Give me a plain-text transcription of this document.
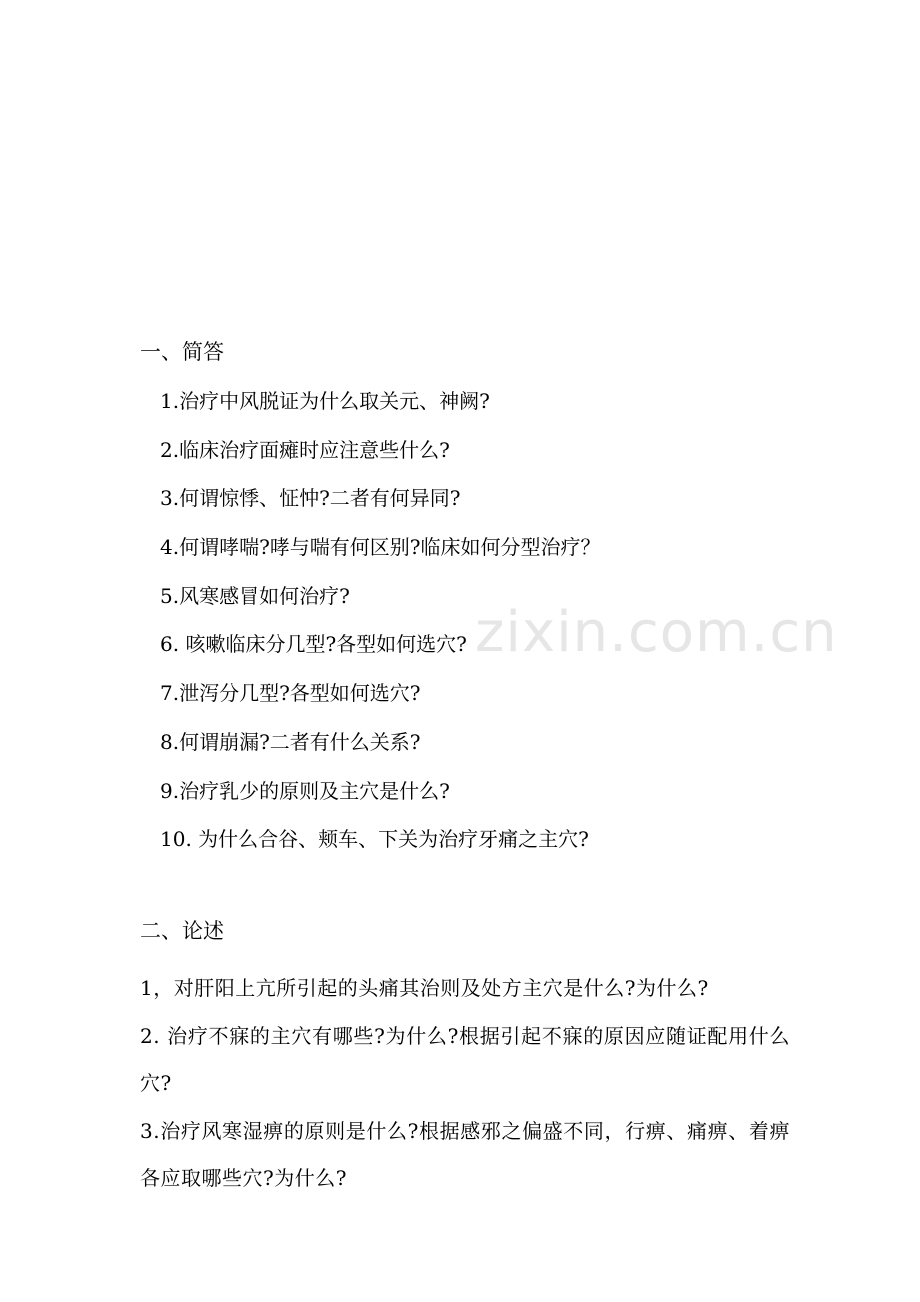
zixin.com.cn
一、简答
1.治疗中风脱证为什么取关元、神阙?
2.临床治疗面瘫时应注意些什么?
3.何谓惊悸、怔忡?二者有何异同?
4.何谓哮喘?哮与喘有何区别?临床如何分型治疗？
5.风寒感冒如何治疗?
6. 咳嗽临床分几型?各型如何选穴?
7.泄泻分几型?各型如何选穴?
8.何谓崩漏?二者有什么关系?
9.治疗乳少的原则及主穴是什么?
10. 为什么合谷、颊车、下关为治疗牙痛之主穴?
二、论述
1，对肝阳上亢所引起的头痛其治则及处方主穴是什么?为什么?
2. 治疗不寐的主穴有哪些?为什么?根据引起不寐的原因应随证配用什么穴?
3.治疗风寒湿痹的原则是什么?根据感邪之偏盛不同，行痹、痛痹、着痹各应取哪些穴?为什么?
